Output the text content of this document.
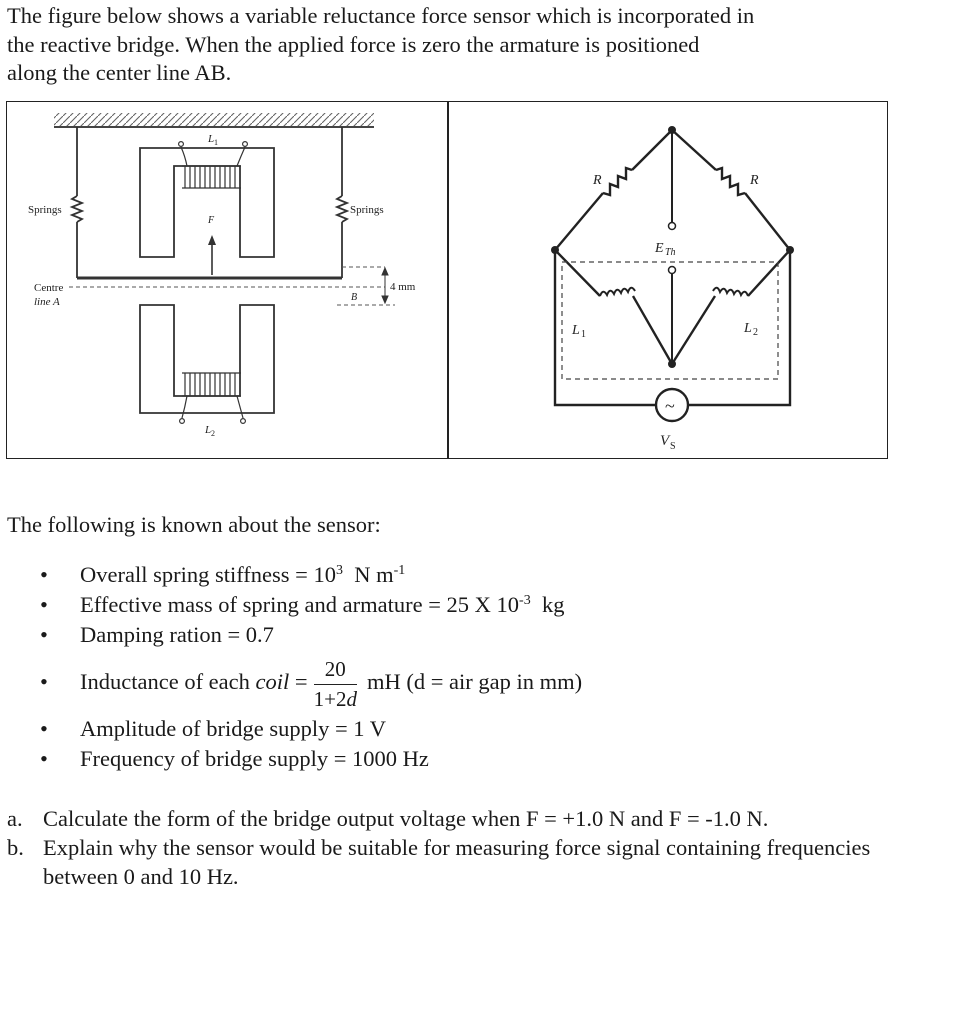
The figure below shows a variable reluctance force sensor which is incorporated in
the reactive bridge. When the applied force is zero the armature is positioned
along the center line AB.
L 1
F
Springs	Springs
Centre
line A	B
4 mm
L 2
~
R	R
E Th
L 1	L 2
V S
The following is known about the sensor:
• Overall spring stiffness = $10^3$ N $m^{-1}$
• Effective mass of spring and armature = 25 X $10^{-3}$ kg
• Damping ration = 0.7
• Inductance of each coil = $\frac{20}{1+2d}$ mH (d = air gap in mm)
• Amplitude of bridge supply = 1 V
• Frequency of bridge supply = 1000 Hz
a. Calculate the form of the bridge output voltage when F = +1.0 N and F = -1.0 N.
b. Explain why the sensor would be suitable for measuring force signal containing frequencies between 0 and 10 Hz.
